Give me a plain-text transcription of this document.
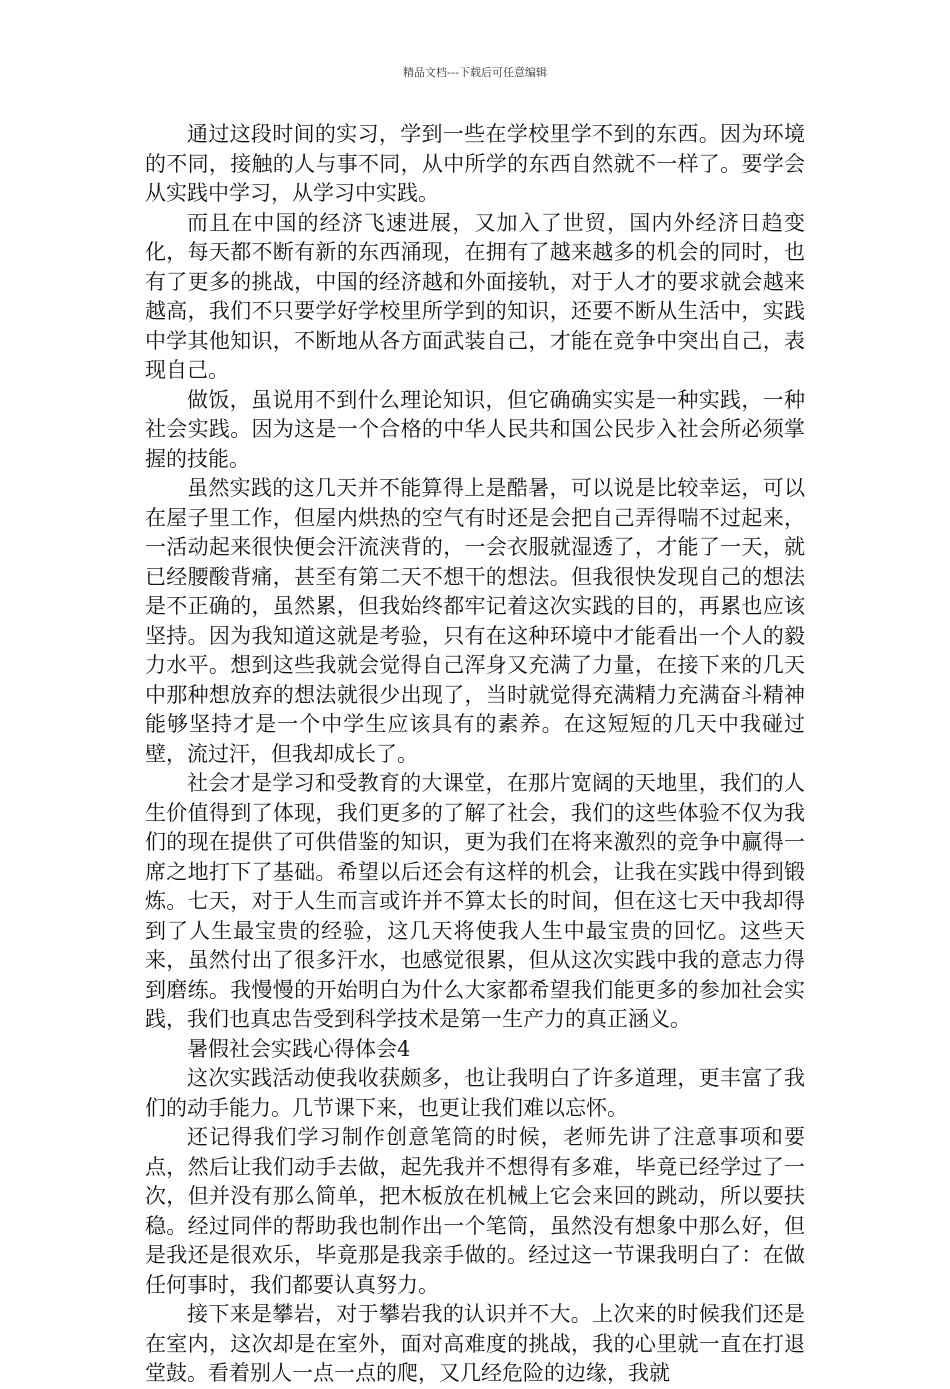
精品文档---下载后可任意编辑

通过这段时间的实习，学到一些在学校里学不到的东西。因为环境的不同，接触的人与事不同，从中所学的东西自然就不一样了。要学会从实践中学习，从学习中实践。

而且在中国的经济飞速进展，又加入了世贸，国内外经济日趋变化，每天都不断有新的东西涌现，在拥有了越来越多的机会的同时，也有了更多的挑战，中国的经济越和外面接轨，对于人才的要求就会越来越高，我们不只要学好学校里所学到的知识，还要不断从生活中，实践中学其他知识，不断地从各方面武装自己，才能在竞争中突出自己，表现自己。

做饭，虽说用不到什么理论知识，但它确确实实是一种实践，一种社会实践。因为这是一个合格的中华人民共和国公民步入社会所必须掌握的技能。

虽然实践的这几天并不能算得上是酷暑，可以说是比较幸运，可以在屋子里工作，但屋内烘热的空气有时还是会把自己弄得喘不过起来，一活动起来很快便会汗流浃背的，一会衣服就湿透了，才能了一天，就已经腰酸背痛，甚至有第二天不想干的想法。但我很快发现自己的想法是不正确的，虽然累，但我始终都牢记着这次实践的目的，再累也应该坚持。因为我知道这就是考验，只有在这种环境中才能看出一个人的毅力水平。想到这些我就会觉得自己浑身又充满了力量，在接下来的几天中那种想放弃的想法就很少出现了，当时就觉得充满精力充满奋斗精神能够坚持才是一个中学生应该具有的素养。在这短短的几天中我碰过壁，流过汗，但我却成长了。

社会才是学习和受教育的大课堂，在那片宽阔的天地里，我们的人生价值得到了体现，我们更多的了解了社会，我们的这些体验不仅为我们的现在提供了可供借鉴的知识，更为我们在将来激烈的竞争中赢得一席之地打下了基础。希望以后还会有这样的机会，让我在实践中得到锻炼。七天，对于人生而言或许并不算太长的时间，但在这七天中我却得到了人生最宝贵的经验，这几天将使我人生中最宝贵的回忆。这些天来，虽然付出了很多汗水，也感觉很累，但从这次实践中我的意志力得到磨练。我慢慢的开始明白为什么大家都希望我们能更多的参加社会实践，我们也真忠告受到科学技术是第一生产力的真正涵义。

暑假社会实践心得体会4

这次实践活动使我收获颇多，也让我明白了许多道理，更丰富了我们的动手能力。几节课下来，也更让我们难以忘怀。

还记得我们学习制作创意笔筒的时候，老师先讲了注意事项和要点，然后让我们动手去做，起先我并不想得有多难，毕竟已经学过了一次，但并没有那么简单，把木板放在机械上它会来回的跳动，所以要扶稳。经过同伴的帮助我也制作出一个笔筒，虽然没有想象中那么好，但是我还是很欢乐，毕竟那是我亲手做的。经过这一节课我明白了：在做任何事时，我们都要认真努力。

接下来是攀岩，对于攀岩我的认识并不大。上次来的时候我们还是在室内，这次却是在室外，面对高难度的挑战，我的心里就一直在打退堂鼓。看着别人一点一点的爬，又几经危险的边缘，我就
